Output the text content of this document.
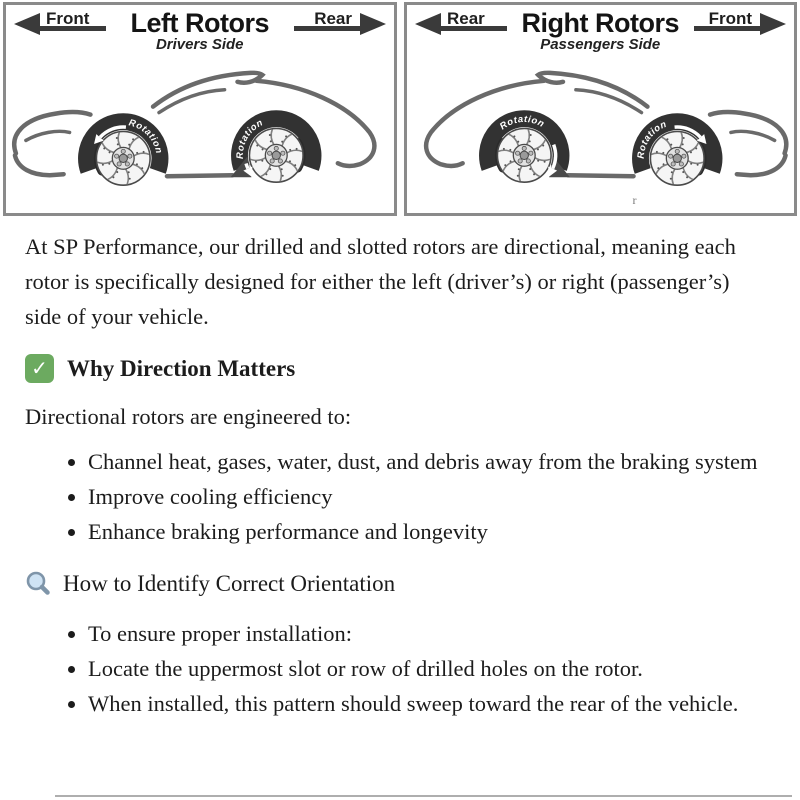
Front Left Rotors
Drivers Side
Rear
Rotation
Rotation
Rear Right Rotors
Passengers Side
Front
Rotation
Rotation
r

At SP Performance, our drilled and slotted rotors are directional, meaning each rotor is specifically designed for either the left (driver’s) or right (passenger’s) side of your vehicle.

✓ Why Direction Matters

Directional rotors are engineered to:

• Channel heat, gases, water, dust, and debris away from the braking system
• Improve cooling efficiency
• Enhance braking performance and longevity
How to Identify Correct Orientation
• To ensure proper installation:
• Locate the uppermost slot or row of drilled holes on the rotor.
• When installed, this pattern should sweep toward the rear of the vehicle.
